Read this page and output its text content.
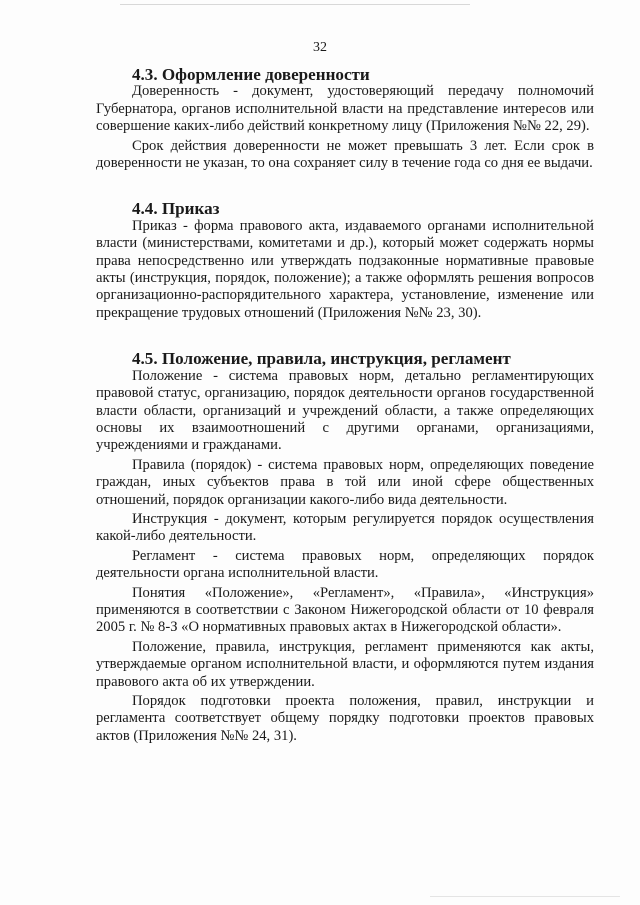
32
4.3. Оформление доверенности

Доверенность - документ, удостоверяющий передачу полномочий Губернатора, органов исполнительной власти на представление интересов или совершение каких-либо действий конкретному лицу (Приложения №№ 22, 29).

Срок действия доверенности не может превышать 3 лет. Если срок в доверенности не указан, то она сохраняет силу в течение года со дня ее выдачи.

4.4. Приказ

Приказ - форма правового акта, издаваемого органами исполнительной власти (министерствами, комитетами и др.), который может содержать нормы права непосредственно или утверждать подзаконные нормативные правовые акты (инструкция, порядок, положение); а также оформлять решения вопросов организационно-распорядительного характера, установление, изменение или прекращение трудовых отношений (Приложения №№ 23, 30).

4.5. Положение, правила, инструкция, регламент

Положение - система правовых норм, детально регламентирующих правовой статус, организацию, порядок деятельности органов государственной власти области, организаций и учреждений области, а также определяющих основы их взаимоотношений с другими органами, организациями, учреждениями и гражданами.

Правила (порядок) - система правовых норм, определяющих поведение граждан, иных субъектов права в той или иной сфере общественных отношений, порядок организации какого-либо вида деятельности.

Инструкция - документ, которым регулируется порядок осуществления какой-либо деятельности.

Регламент - система правовых норм, определяющих порядок деятельности органа исполнительной власти.

Понятия «Положение», «Регламент», «Правила», «Инструкция» применяются в соответствии с Законом Нижегородской области от 10 февраля 2005 г. № 8-З «О нормативных правовых актах в Нижегородской области».

Положение, правила, инструкция, регламент применяются как акты, утверждаемые органом исполнительной власти, и оформляются путем издания правового акта об их утверждении.

Порядок подготовки проекта положения, правил, инструкции и регламента соответствует общему порядку подготовки проектов правовых актов (Приложения №№ 24, 31).
